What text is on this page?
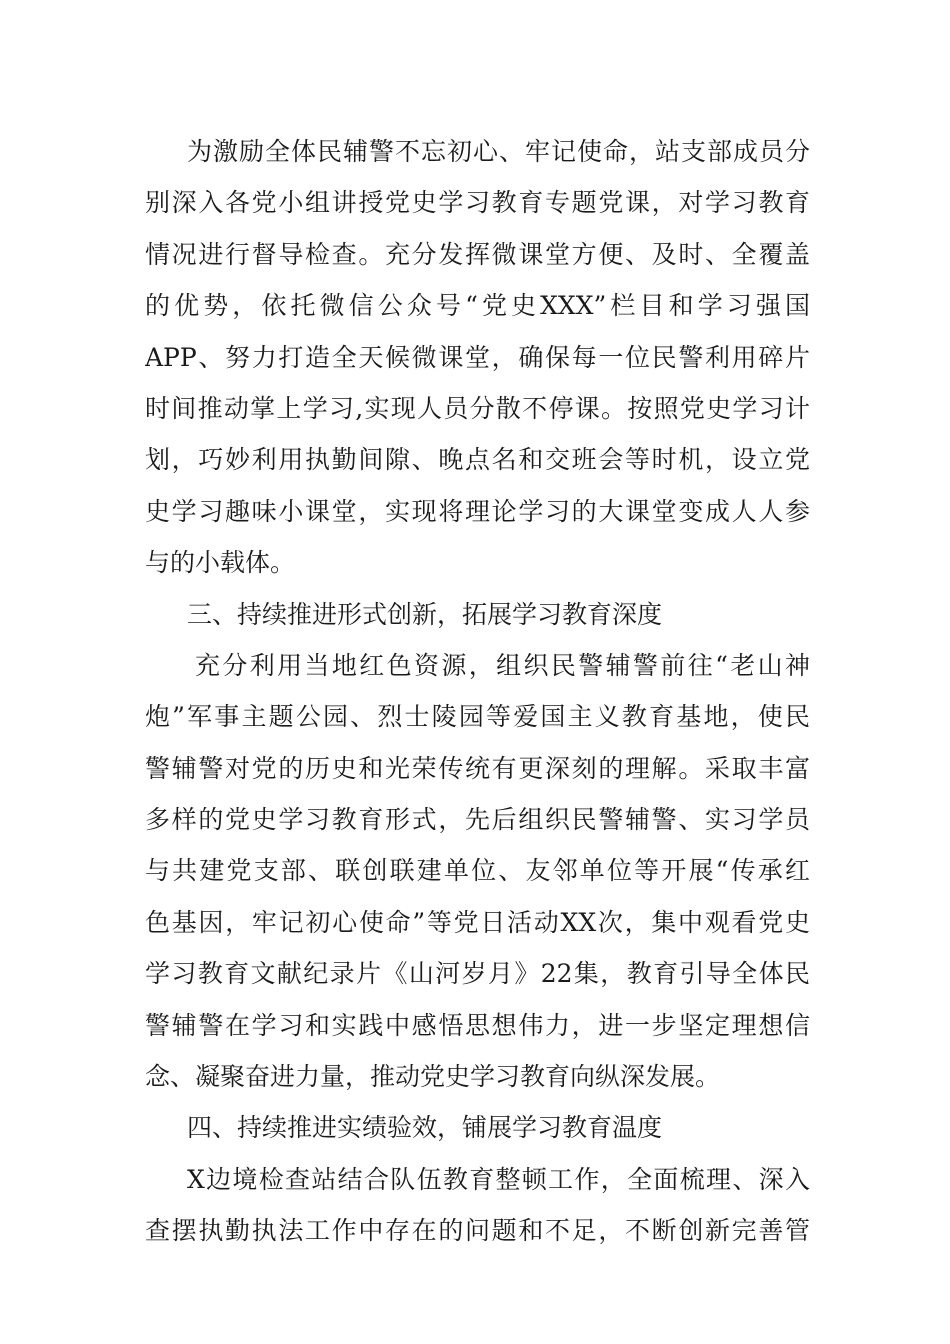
为激励全体民辅警不忘初心、牢记使命，站支部成员分
别深入各党小组讲授党史学习教育专题党课，对学习教育
情况进行督导检查。充分发挥微课堂方便、及时、全覆盖
的优势，依托微信公众号“党史XXX”栏目和学习强国
APP、努力打造全天候微课堂，确保每一位民警利用碎片
时间推动掌上学习,实现人员分散不停课。按照党史学习计
划，巧妙利用执勤间隙、晚点名和交班会等时机，设立党
史学习趣味小课堂，实现将理论学习的大课堂变成人人参
与的小载体。
三、持续推进形式创新，拓展学习教育深度
充分利用当地红色资源，组织民警辅警前往“老山神
炮”军事主题公园、烈士陵园等爱国主义教育基地，使民
警辅警对党的历史和光荣传统有更深刻的理解。采取丰富
多样的党史学习教育形式，先后组织民警辅警、实习学员
与共建党支部、联创联建单位、友邻单位等开展“传承红
色基因，牢记初心使命”等党日活动XX次，集中观看党史
学习教育文献纪录片《山河岁月》22集，教育引导全体民
警辅警在学习和实践中感悟思想伟力，进一步坚定理想信
念、凝聚奋进力量，推动党史学习教育向纵深发展。
四、持续推进实绩验效，铺展学习教育温度
X边境检查站结合队伍教育整顿工作，全面梳理、深入
查摆执勤执法工作中存在的问题和不足，不断创新完善管
